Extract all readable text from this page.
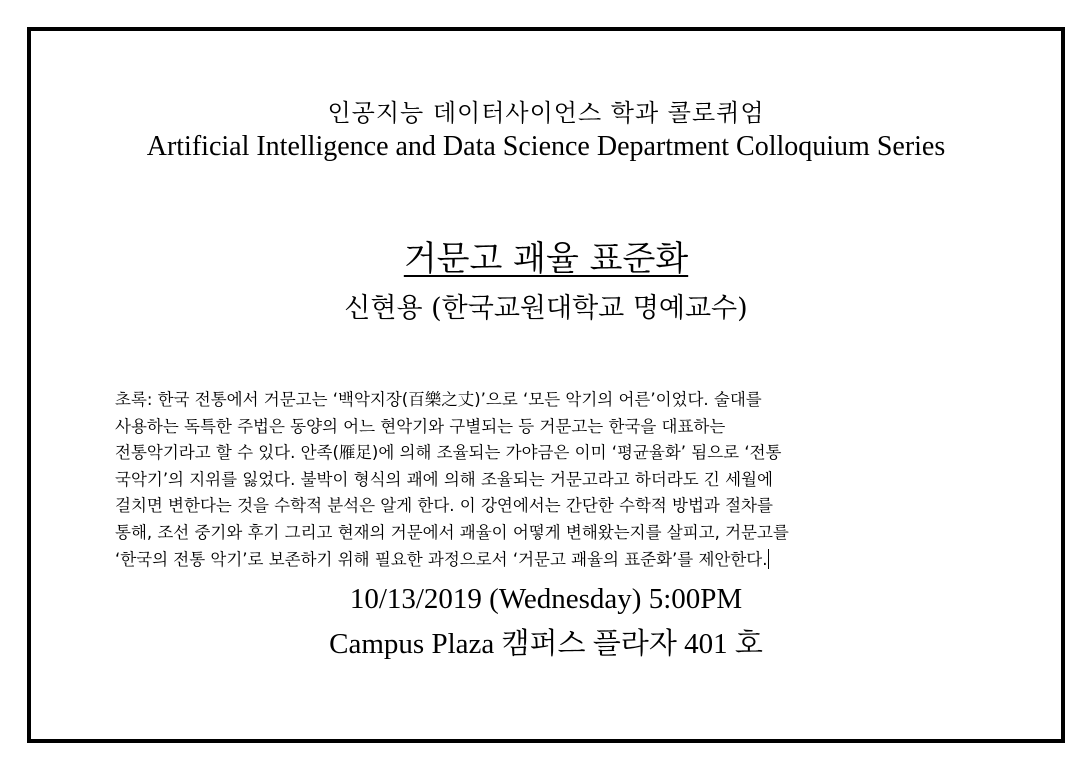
인공지능 데이터사이언스 학과 콜로퀴엄
Artificial Intelligence and Data Science Department Colloquium Series
거문고 괘율 표준화
신현용 (한국교원대학교 명예교수)
초록: 한국 전통에서 거문고는 ‘백악지장(百樂之丈)’으로 ‘모든 악기의 어른’이었다. 술대를
사용하는 독특한 주법은 동양의 어느 현악기와 구별되는 등 거문고는 한국을 대표하는
전통악기라고 할 수 있다. 안족(雁足)에 의해 조율되는 가야금은 이미 ‘평균율화’ 됨으로 ‘전통
국악기’의 지위를 잃었다. 불박이 형식의 괘에 의해 조율되는 거문고라고 하더라도 긴 세월에
걸치면 변한다는 것을 수학적 분석은 알게 한다. 이 강연에서는 간단한 수학적 방법과 절차를
통해, 조선 중기와 후기 그리고 현재의 거문에서 괘율이 어떻게 변해왔는지를 살피고, 거문고를
‘한국의 전통 악기’로 보존하기 위해 필요한 과정으로서 ‘거문고 괘율의 표준화’를 제안한다.
10/13/2019 (Wednesday) 5:00PM
Campus Plaza 캠퍼스 플라자 401 호
